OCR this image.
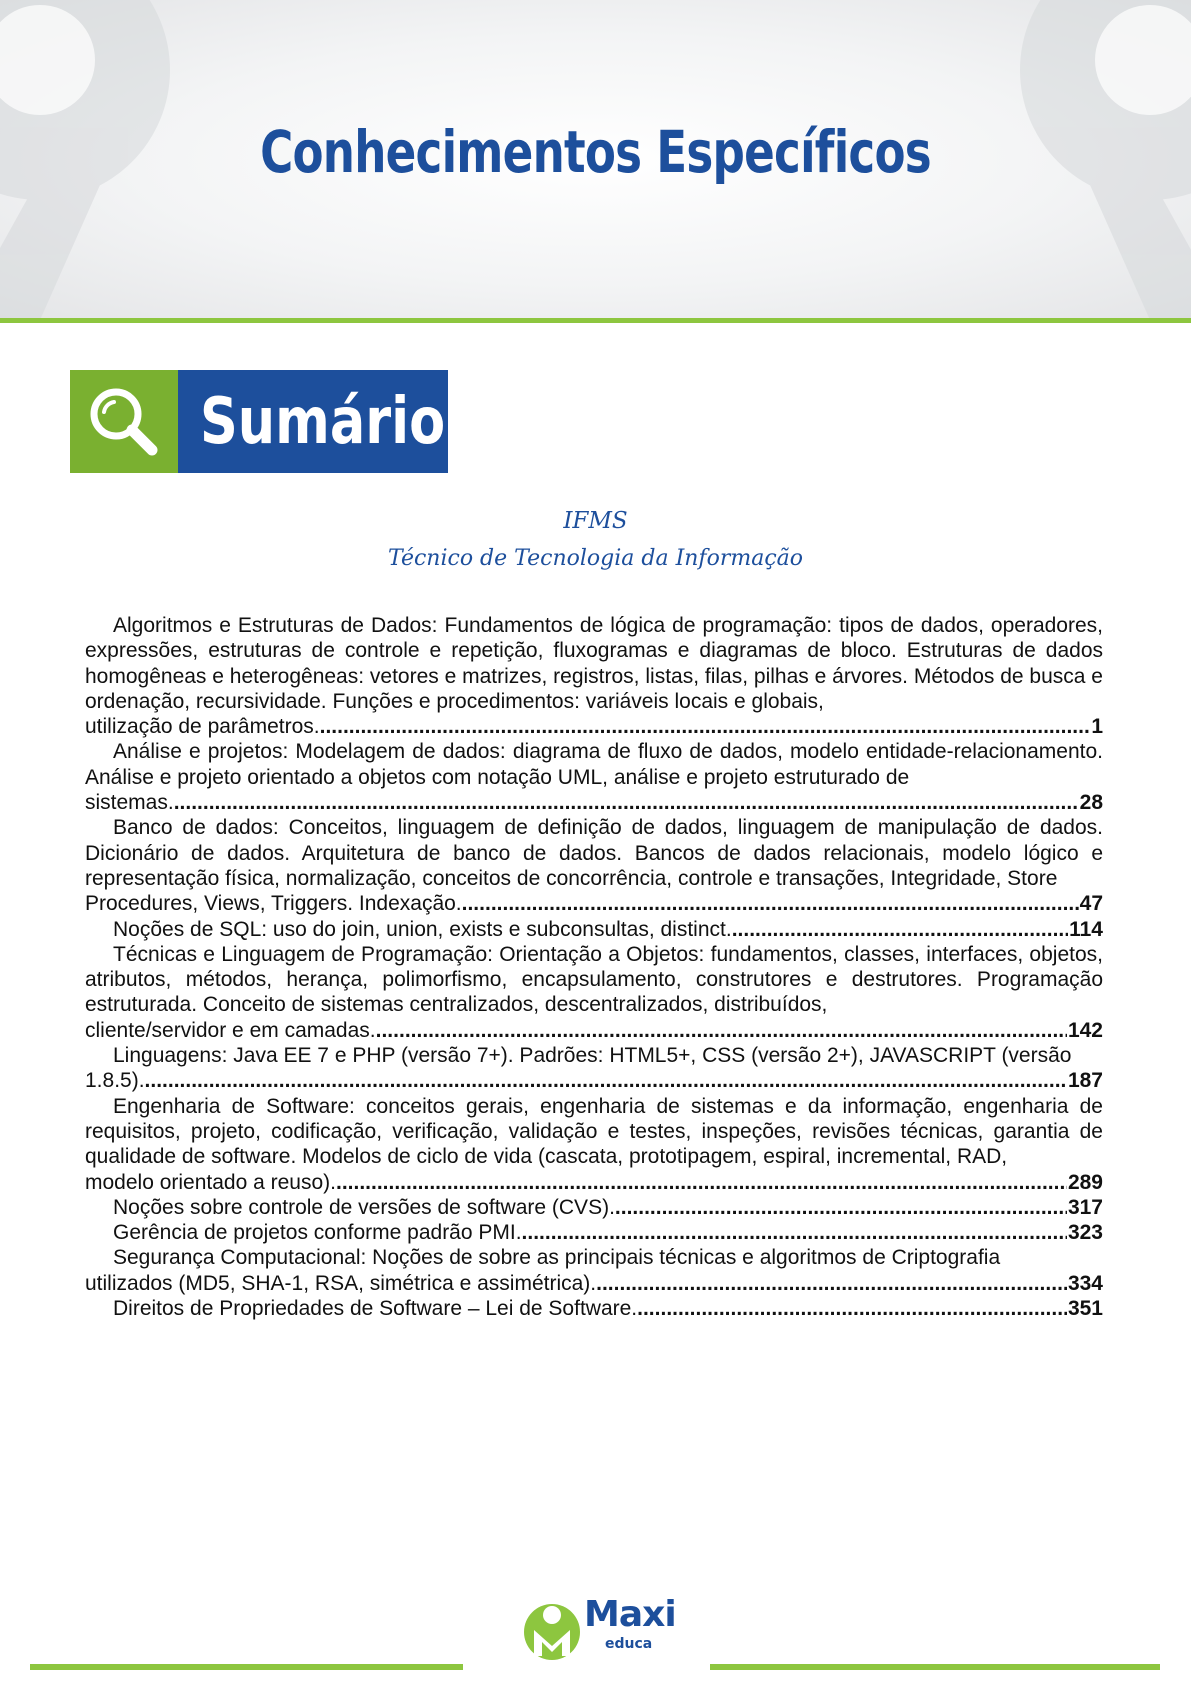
Conhecimentos Específicos
Sumário
IFMS
Técnico de Tecnologia da Informação

Algoritmos e Estruturas de Dados: Fundamentos de lógica de programação: tipos de dados, operadores, expressões, estruturas de controle e repetição, fluxogramas e diagramas de bloco. Estruturas de dados homogêneas e heterogêneas: vetores e matrizes, registros, listas, filas, pilhas e árvores. Métodos de busca e ordenação, recursividade. Funções e procedimentos: variáveis locais e globais,
utilização de parâmetros. .....	1

Análise e projetos: Modelagem de dados: diagrama de fluxo de dados, modelo entidade-relacionamento. Análise e projeto orientado a objetos com notação UML, análise e projeto estruturado de
sistemas. .....	28

Banco de dados: Conceitos, linguagem de definição de dados, linguagem de manipulação de dados. Dicionário de dados. Arquitetura de banco de dados. Bancos de dados relacionais, modelo lógico e representação física, normalização, conceitos de concorrência, controle e transações, Integridade, Store
Procedures, Views, Triggers. Indexação. .....	47

Noções de SQL: uso do join, union, exists e subconsultas, distinct. .....	114

Técnicas e Linguagem de Programação: Orientação a Objetos: fundamentos, classes, interfaces, objetos, atributos, métodos, herança, polimorfismo, encapsulamento, construtores e destrutores. Programação estruturada. Conceito de sistemas centralizados, descentralizados, distribuídos,
cliente/servidor e em camadas. .....	142

Linguagens: Java EE 7 e PHP (versão 7+). Padrões: HTML5+, CSS (versão 2+), JAVASCRIPT (versão
1.8.5). .....	187

Engenharia de Software: conceitos gerais, engenharia de sistemas e da informação, engenharia de requisitos, projeto, codificação, verificação, validação e testes, inspeções, revisões técnicas, garantia de qualidade de software. Modelos de ciclo de vida (cascata, prototipagem, espiral, incremental, RAD,
modelo orientado a reuso). .....	289

Noções sobre controle de versões de software (CVS). .....	317

Gerência de projetos conforme padrão PMI. .....	323

Segurança Computacional: Noções de sobre as principais técnicas e algoritmos de Criptografia
utilizados (MD5, SHA-1, RSA, simétrica e assimétrica). .....	334

Direitos de Propriedades de Software – Lei de Software. .....	351

Maxi
educa
